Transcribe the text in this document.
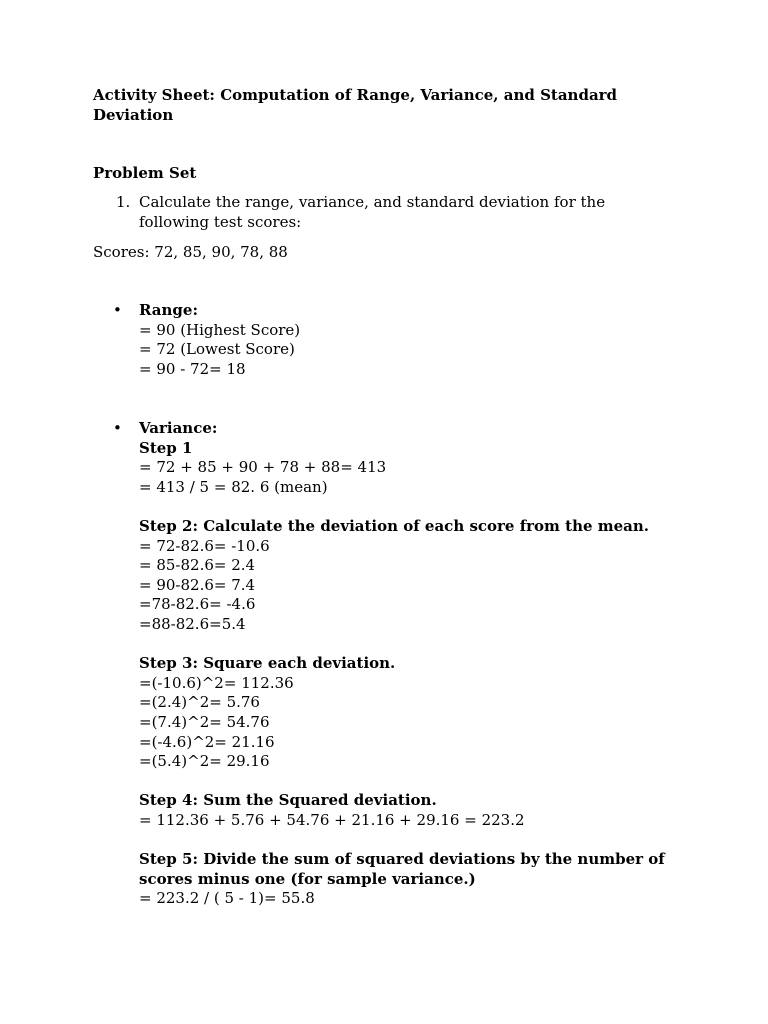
Activity Sheet: Computation of Range, Variance, and Standard Deviation

Problem Set

1. Calculate the range, variance, and standard deviation for the following test scores:
Scores: 72, 85, 90, 78, 88
• Range:
= 90 (Highest Score)
= 72 (Lowest Score)
= 90 - 72= 18
• Variance:
Step 1
= 72 + 85 + 90 + 78 + 88= 413
= 413 / 5 = 82. 6 (mean)
Step 2: Calculate the deviation of each score from the mean.
= 72-82.6= -10.6
= 85-82.6= 2.4
= 90-82.6= 7.4
=78-82.6= -4.6
=88-82.6=5.4
Step 3: Square each deviation.
=(-10.6)^2= 112.36
=(2.4)^2= 5.76
=(7.4)^2= 54.76
=(-4.6)^2= 21.16
=(5.4)^2= 29.16
Step 4: Sum the Squared deviation.
= 112.36 + 5.76 + 54.76 + 21.16 + 29.16 = 223.2
Step 5: Divide the sum of squared deviations by the number of scores minus one (for sample variance.)
= 223.2 / ( 5 - 1)= 55.8
